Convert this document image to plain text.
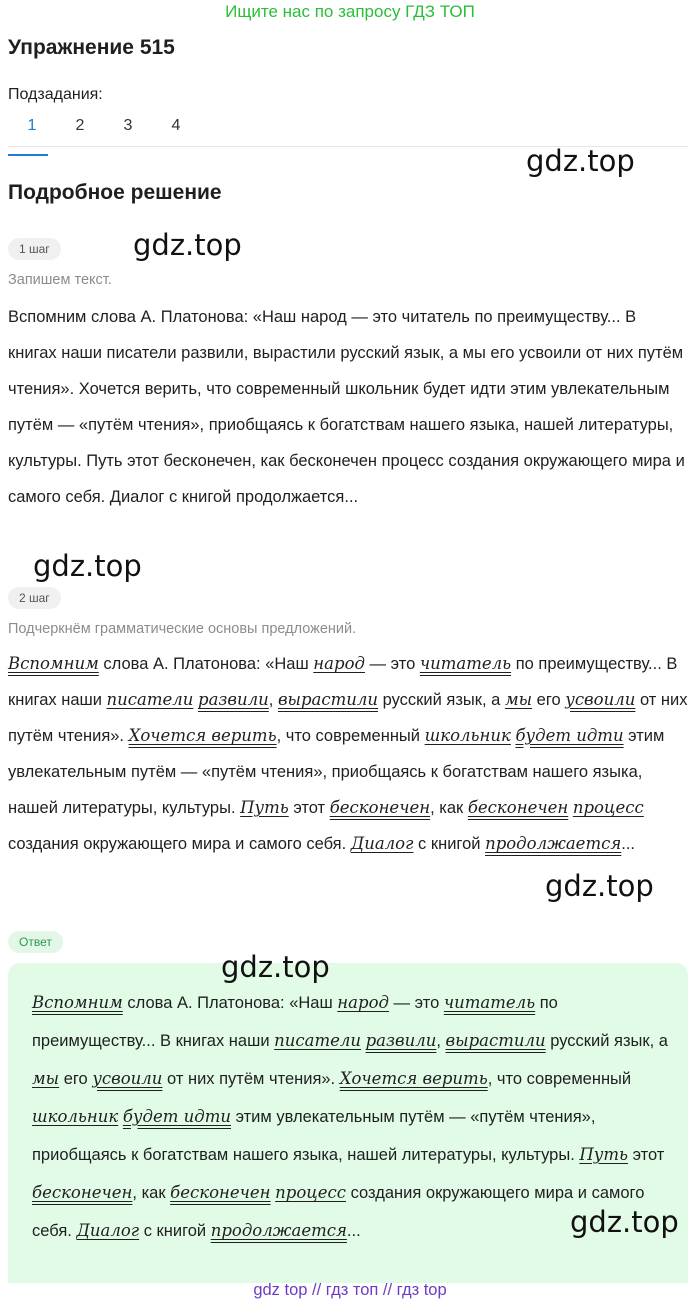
Ищите нас по запросу ГДЗ ТОП
Упражнение 515
Подзадания:
1	2	3	4
gdz.top
Подробное решение
1 шаг	gdz.top
Запишем текст.
Вспомним слова А. Платонова: «Наш народ — это читатель по преимуществу... В книгах наши писатели развили, вырастили русский язык, а мы его усвоили от них путём чтения». Хочется верить, что современный школьник будет идти этим увлекательным путём — «путём чтения», приобщаясь к богатствам нашего языка, нашей литературы, культуры. Путь этот бесконечен, как бесконечен процесс создания окружающего мира и самого себя. Диалог с книгой продолжается...
gdz.top
2 шаг
Подчеркнём грамматические основы предложений.
Вспомним слова А. Платонова: «Наш народ — это читатель по преимуществу... В книгах наши писатели развили, вырастили русский язык, а мы его усвоили от них путём чтения». Хочется верить, что современный школьник будет идти этим увлекательным путём — «путём чтения», приобщаясь к богатствам нашего языка, нашей литературы, культуры. Путь этот бесконечен, как бесконечен процесс создания окружающего мира и самого себя. Диалог с книгой продолжается...
gdz.top
Ответ
gdz.top
Вспомним слова А. Платонова: «Наш народ — это читатель по преимуществу... В книгах наши писатели развили, вырастили русский язык, а мы его усвоили от них путём чтения». Хочется верить, что современный школьник будет идти этим увлекательным путём — «путём чтения», приобщаясь к богатствам нашего языка, нашей литературы, культуры. Путь этот бесконечен, как бесконечен процесс создания окружающего мира и самого себя. Диалог с книгой продолжается...	gdz.top
gdz top // гдз топ // гдз top
